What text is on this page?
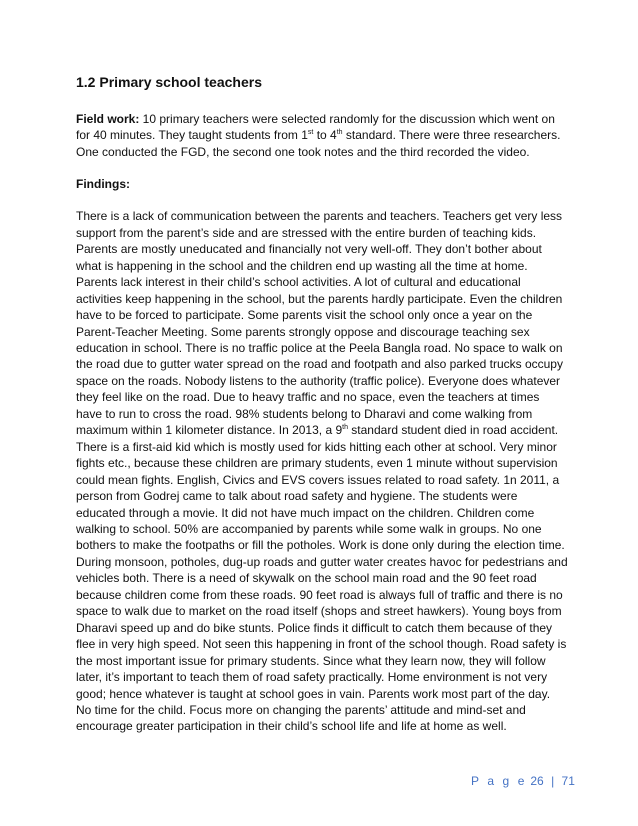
1.2 Primary school teachers

Field work: 10 primary teachers were selected randomly for the discussion which went on for 40 minutes. They taught students from 1st to 4th standard. There were three researchers. One conducted the FGD, the second one took notes and the third recorded the video.

Findings:

There is a lack of communication between the parents and teachers. Teachers get very less support from the parent’s side and are stressed with the entire burden of teaching kids. Parents are mostly uneducated and financially not very well-off. They don’t bother about what is happening in the school and the children end up wasting all the time at home. Parents lack interest in their child’s school activities. A lot of cultural and educational activities keep happening in the school, but the parents hardly participate. Even the children have to be forced to participate. Some parents visit the school only once a year on the Parent-Teacher Meeting. Some parents strongly oppose and discourage teaching sex education in school. There is no traffic police at the Peela Bangla road. No space to walk on the road due to gutter water spread on the road and footpath and also parked trucks occupy space on the roads. Nobody listens to the authority (traffic police). Everyone does whatever they feel like on the road. Due to heavy traffic and no space, even the teachers at times have to run to cross the road. 98% students belong to Dharavi and come walking from maximum within 1 kilometer distance. In 2013, a 9th standard student died in road accident. There is a first-aid kid which is mostly used for kids hitting each other at school. Very minor fights etc., because these children are primary students, even 1 minute without supervision could mean fights. English, Civics and EVS covers issues related to road safety. 1n 2011, a person from Godrej came to talk about road safety and hygiene. The students were educated through a movie. It did not have much impact on the children. Children come walking to school. 50% are accompanied by parents while some walk in groups. No one bothers to make the footpaths or fill the potholes. Work is done only during the election time. During monsoon, potholes, dug-up roads and gutter water creates havoc for pedestrians and vehicles both. There is a need of skywalk on the school main road and the 90 feet road because children come from these roads. 90 feet road is always full of traffic and there is no space to walk due to market on the road itself (shops and street hawkers). Young boys from Dharavi speed up and do bike stunts. Police finds it difficult to catch them because of they flee in very high speed. Not seen this happening in front of the school though. Road safety is the most important issue for primary students. Since what they learn now, they will follow later, it’s important to teach them of road safety practically. Home environment is not very good; hence whatever is taught at school goes in vain. Parents work most part of the day. No time for the child. Focus more on changing the parents’ attitude and mind-set and encourage greater participation in their child’s school life and life at home as well.

P a g e 26 | 71
